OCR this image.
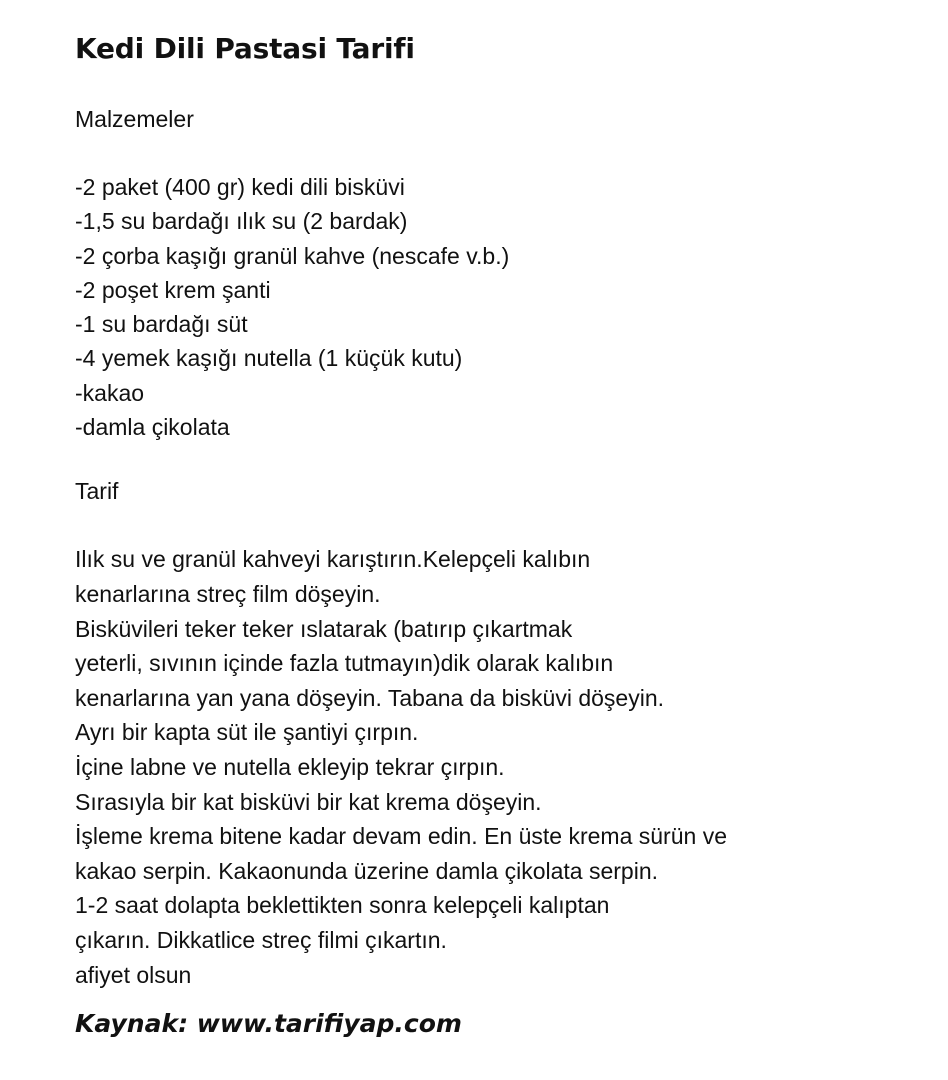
Kedi Dili Pastasi Tarifi
Malzemeler
-2 paket (400 gr) kedi dili bisküvi
-1,5 su bardağı ılık su (2 bardak)
-2 çorba kaşığı granül kahve (nescafe v.b.)
-2 poşet krem şanti
-1 su bardağı süt
-4 yemek kaşığı nutella (1 küçük kutu)
-kakao
-damla çikolata
Tarif
Ilık su ve granül kahveyi karıştırın.Kelepçeli kalıbın
kenarlarına streç film döşeyin.
Bisküvileri teker teker ıslatarak (batırıp çıkartmak
yeterli, sıvının içinde fazla tutmayın)dik olarak kalıbın
kenarlarına yan yana döşeyin. Tabana da bisküvi döşeyin.
Ayrı bir kapta süt ile şantiyi çırpın.
İçine labne ve nutella ekleyip tekrar çırpın.
Sırasıyla bir kat bisküvi bir kat krema döşeyin.
İşleme krema bitene kadar devam edin. En üste krema sürün ve
kakao serpin. Kakaonunda üzerine damla çikolata serpin.
1-2 saat dolapta beklettikten sonra kelepçeli kalıptan
çıkarın. Dikkatlice streç filmi çıkartın.
afiyet olsun
Kaynak: www.tarifiyap.com
